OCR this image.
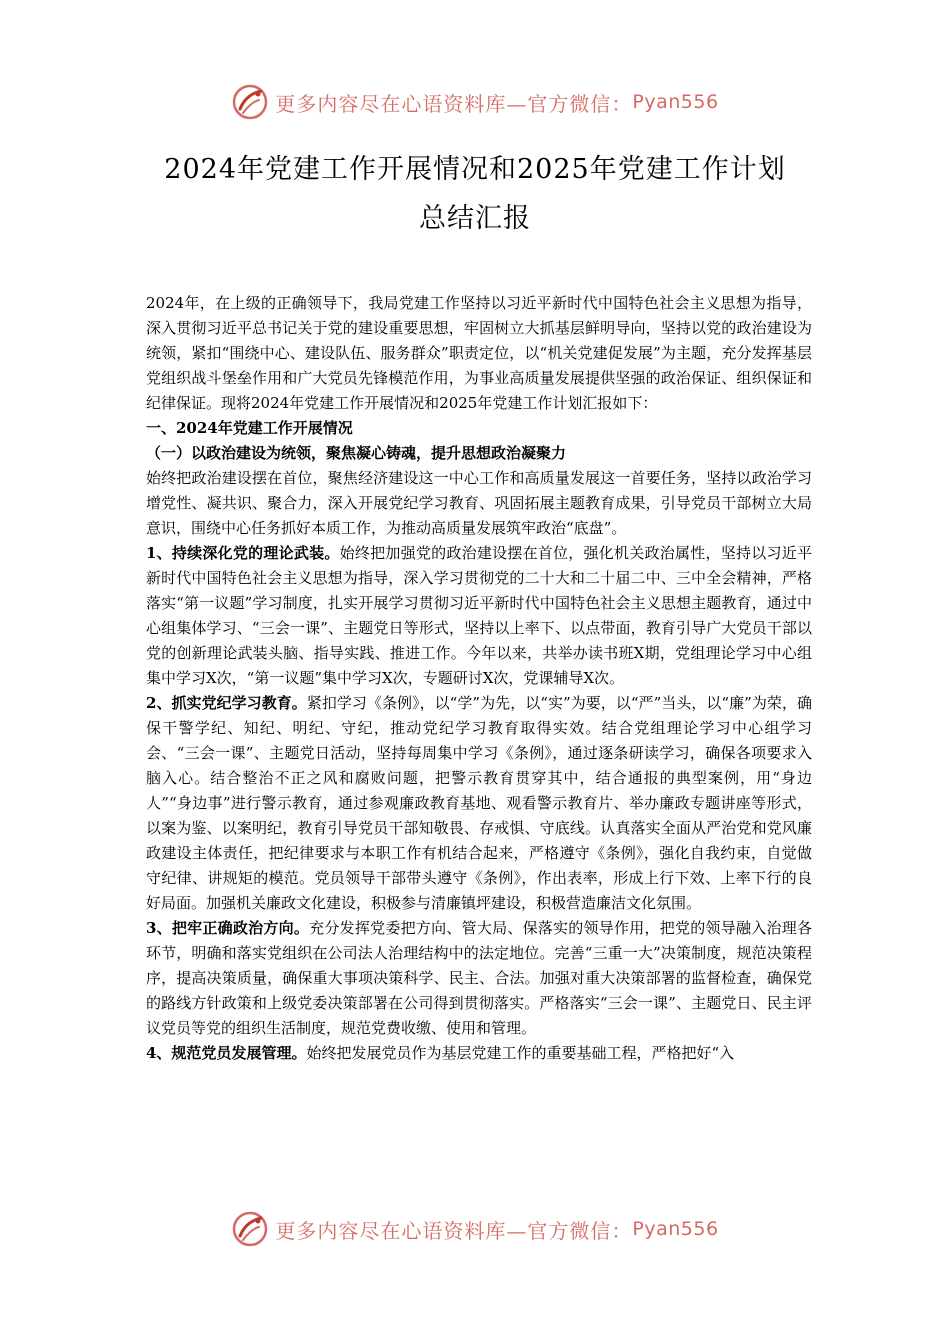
更多内容尽在心语资料库—官方微信： Pyan556
2024年党建工作开展情况和2025年党建工作计划
总结汇报

2024年，在上级的正确领导下，我局党建工作坚持以习近平新时代中国特色社会主义思想为指导，深入贯彻习近平总书记关于党的建设重要思想，牢固树立大抓基层鲜明导向，坚持以党的政治建设为统领，紧扣“围绕中心、建设队伍、服务群众”职责定位，以“机关党建促发展”为主题，充分发挥基层党组织战斗堡垒作用和广大党员先锋模范作用，为事业高质量发展提供坚强的政治保证、组织保证和纪律保证。现将2024年党建工作开展情况和2025年党建工作计划汇报如下：

一、2024年党建工作开展情况

（一）以政治建设为统领，聚焦凝心铸魂，提升思想政治凝聚力

始终把政治建设摆在首位，聚焦经济建设这一中心工作和高质量发展这一首要任务，坚持以政治学习增党性、凝共识、聚合力，深入开展党纪学习教育、巩固拓展主题教育成果，引导党员干部树立大局意识，围绕中心任务抓好本质工作，为推动高质量发展筑牢政治“底盘”。

1、持续深化党的理论武装。始终把加强党的政治建设摆在首位，强化机关政治属性，坚持以习近平新时代中国特色社会主义思想为指导，深入学习贯彻党的二十大和二十届二中、三中全会精神，严格落实“第一议题”学习制度，扎实开展学习贯彻习近平新时代中国特色社会主义思想主题教育，通过中心组集体学习、“三会一课”、主题党日等形式，坚持以上率下、以点带面，教育引导广大党员干部以党的创新理论武装头脑、指导实践、推进工作。今年以来，共举办读书班X期，党组理论学习中心组集中学习X次，“第一议题”集中学习X次，专题研讨X次，党课辅导X次。

2、抓实党纪学习教育。紧扣学习《条例》，以“学”为先，以“实”为要，以“严”当头，以“廉”为荣，确保干警学纪、知纪、明纪、守纪，推动党纪学习教育取得实效。结合党组理论学习中心组学习会、“三会一课”、主题党日活动，坚持每周集中学习《条例》，通过逐条研读学习，确保各项要求入脑入心。结合整治不正之风和腐败问题，把警示教育贯穿其中，结合通报的典型案例，用“身边人”“身边事”进行警示教育，通过参观廉政教育基地、观看警示教育片、举办廉政专题讲座等形式，以案为鉴、以案明纪，教育引导党员干部知敬畏、存戒惧、守底线。认真落实全面从严治党和党风廉政建设主体责任，把纪律要求与本职工作有机结合起来，严格遵守《条例》，强化自我约束，自觉做守纪律、讲规矩的模范。党员领导干部带头遵守《条例》，作出表率，形成上行下效、上率下行的良好局面。加强机关廉政文化建设，积极参与清廉镇坪建设，积极营造廉洁文化氛围。

3、把牢正确政治方向。充分发挥党委把方向、管大局、保落实的领导作用，把党的领导融入治理各环节，明确和落实党组织在公司法人治理结构中的法定地位。完善“三重一大”决策制度，规范决策程序，提高决策质量，确保重大事项决策科学、民主、合法。加强对重大决策部署的监督检查，确保党的路线方针政策和上级党委决策部署在公司得到贯彻落实。严格落实“三会一课”、主题党日、民主评议党员等党的组织生活制度，规范党费收缴、使用和管理。

4、规范党员发展管理。始终把发展党员作为基层党建工作的重要基础工程，严格把好“入

更多内容尽在心语资料库—官方微信： Pyan556
